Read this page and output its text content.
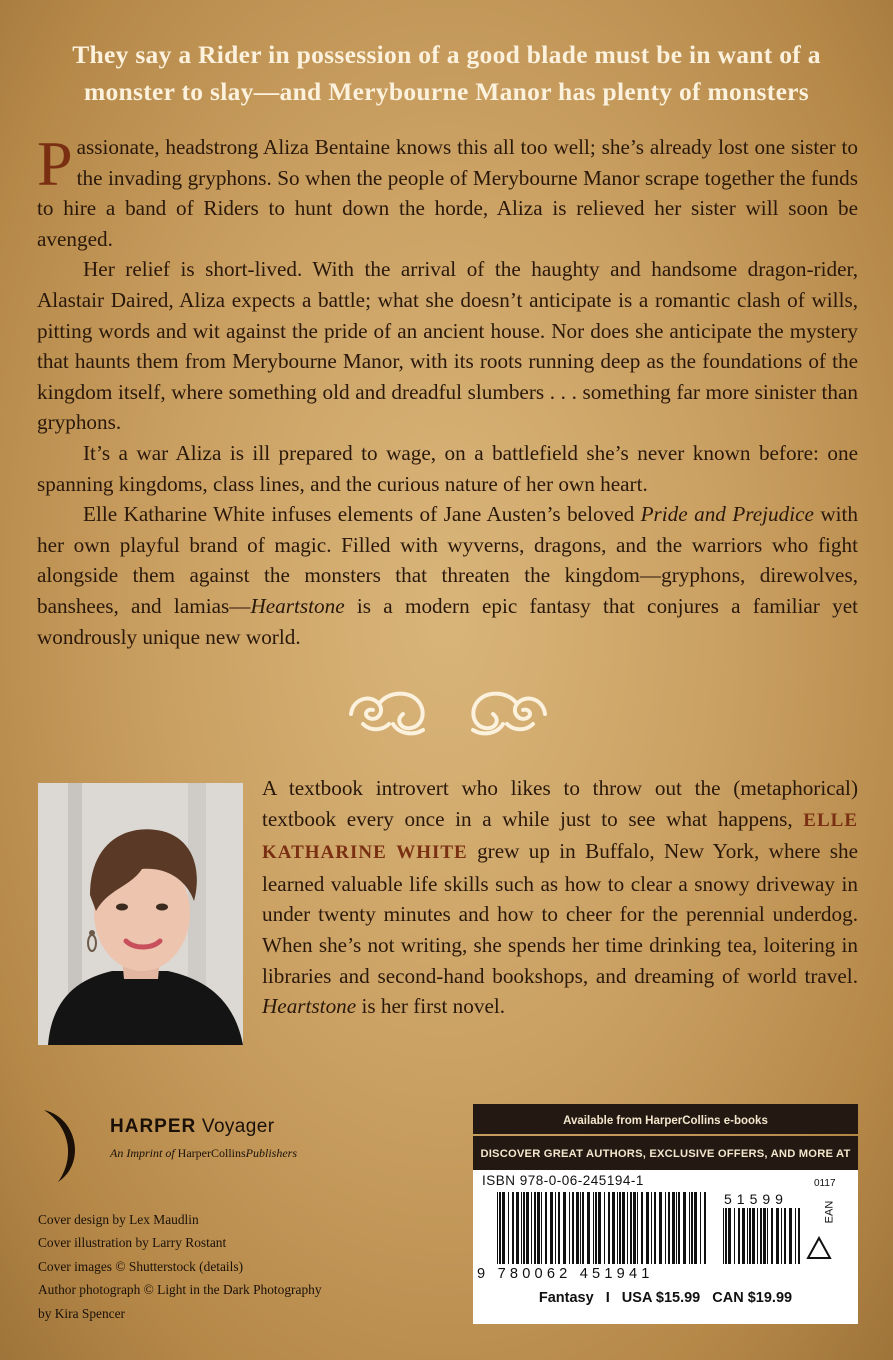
They say a Rider in possession of a good blade must be in want of a monster to slay—and Merybourne Manor has plenty of monsters

Passionate, headstrong Aliza Bentaine knows this all too well; she’s already lost one sister to the invading gryphons. So when the people of Merybourne Manor scrape together the funds to hire a band of Riders to hunt down the horde, Aliza is relieved her sister will soon be avenged.

Her relief is short-lived. With the arrival of the haughty and handsome dragon-rider, Alastair Daired, Aliza expects a battle; what she doesn’t anticipate is a romantic clash of wills, pitting words and wit against the pride of an ancient house. Nor does she anticipate the mystery that haunts them from Merybourne Manor, with its roots running deep as the foundations of the kingdom itself, where something old and dreadful slumbers . . . something far more sinister than gryphons.

It’s a war Aliza is ill prepared to wage, on a battlefield she’s never known before: one spanning kingdoms, class lines, and the curious nature of her own heart.

Elle Katharine White infuses elements of Jane Austen’s beloved Pride and Prejudice with her own playful brand of magic. Filled with wyverns, dragons, and the warriors who fight alongside them against the monsters that threaten the kingdom—gryphons, direwolves, banshees, and lamias—Heartstone is a modern epic fantasy that conjures a familiar yet wondrously unique new world.

A textbook introvert who likes to throw out the (metaphorical) textbook every once in a while just to see what happens, ELLE KATHARINE WHITE grew up in Buffalo, New York, where she learned valuable life skills such as how to clear a snowy driveway in under twenty minutes and how to cheer for the perennial underdog. When she’s not writing, she spends her time drinking tea, loitering in libraries and second-hand bookshops, and dreaming of world travel. Heartstone is her first novel.
HARPER Voyager
An Imprint of HarperCollinsPublishers
Cover design by Lex Maudlin
Cover illustration by Larry Rostant
Cover images © Shutterstock (details)
Author photograph © Light in the Dark Photography
by Kira Spencer
Available from HarperCollins e-books
DISCOVER GREAT AUTHORS, EXCLUSIVE OFFERS, AND MORE AT
ISBN 978-0-06-245194-1	0117
9 780062 451941
51599
EAN
Fantasy I USA $15.99 CAN $19.99
